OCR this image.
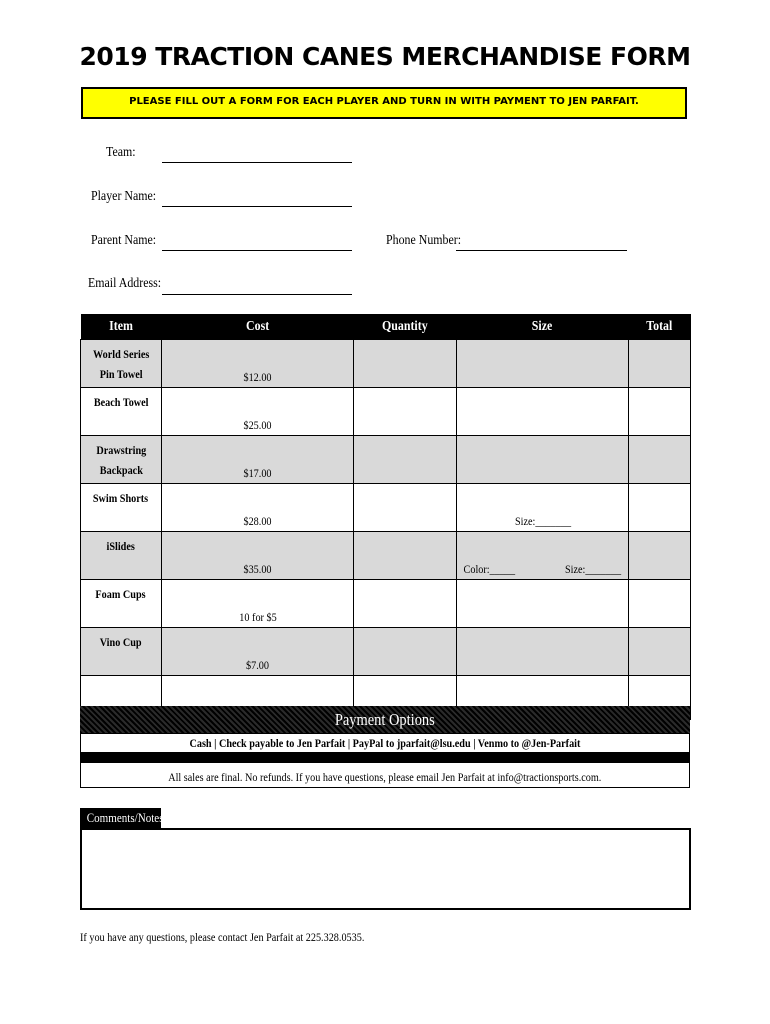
2019 TRACTION CANES MERCHANDISE FORM
PLEASE FILL OUT A FORM FOR EACH PLAYER AND TURN IN WITH PAYMENT TO JEN PARFAIT.
Team:
Player Name:
Parent Name:	Phone Number:
Email Address:
Item	Cost	Quantity	Size	Total
World Series
Pin Towel	$12.00			
Beach Towel	$25.00			
Drawstring
Backpack	$17.00			
Swim Shorts	$28.00		Size:_______	
iSlides	$35.00		Color:_____ Size:_______	

Foam Cups	10 for $5			
Vino Cup	$7.00			

Payment Options
Cash | Check payable to Jen Parfait | PayPal to jparfait@lsu.edu | Venmo to @Jen-Parfait
All sales are final. No refunds. If you have questions, please email Jen Parfait at info@tractionsports.com.
Comments/Notes
If you have any questions, please contact Jen Parfait at 225.328.0535.
